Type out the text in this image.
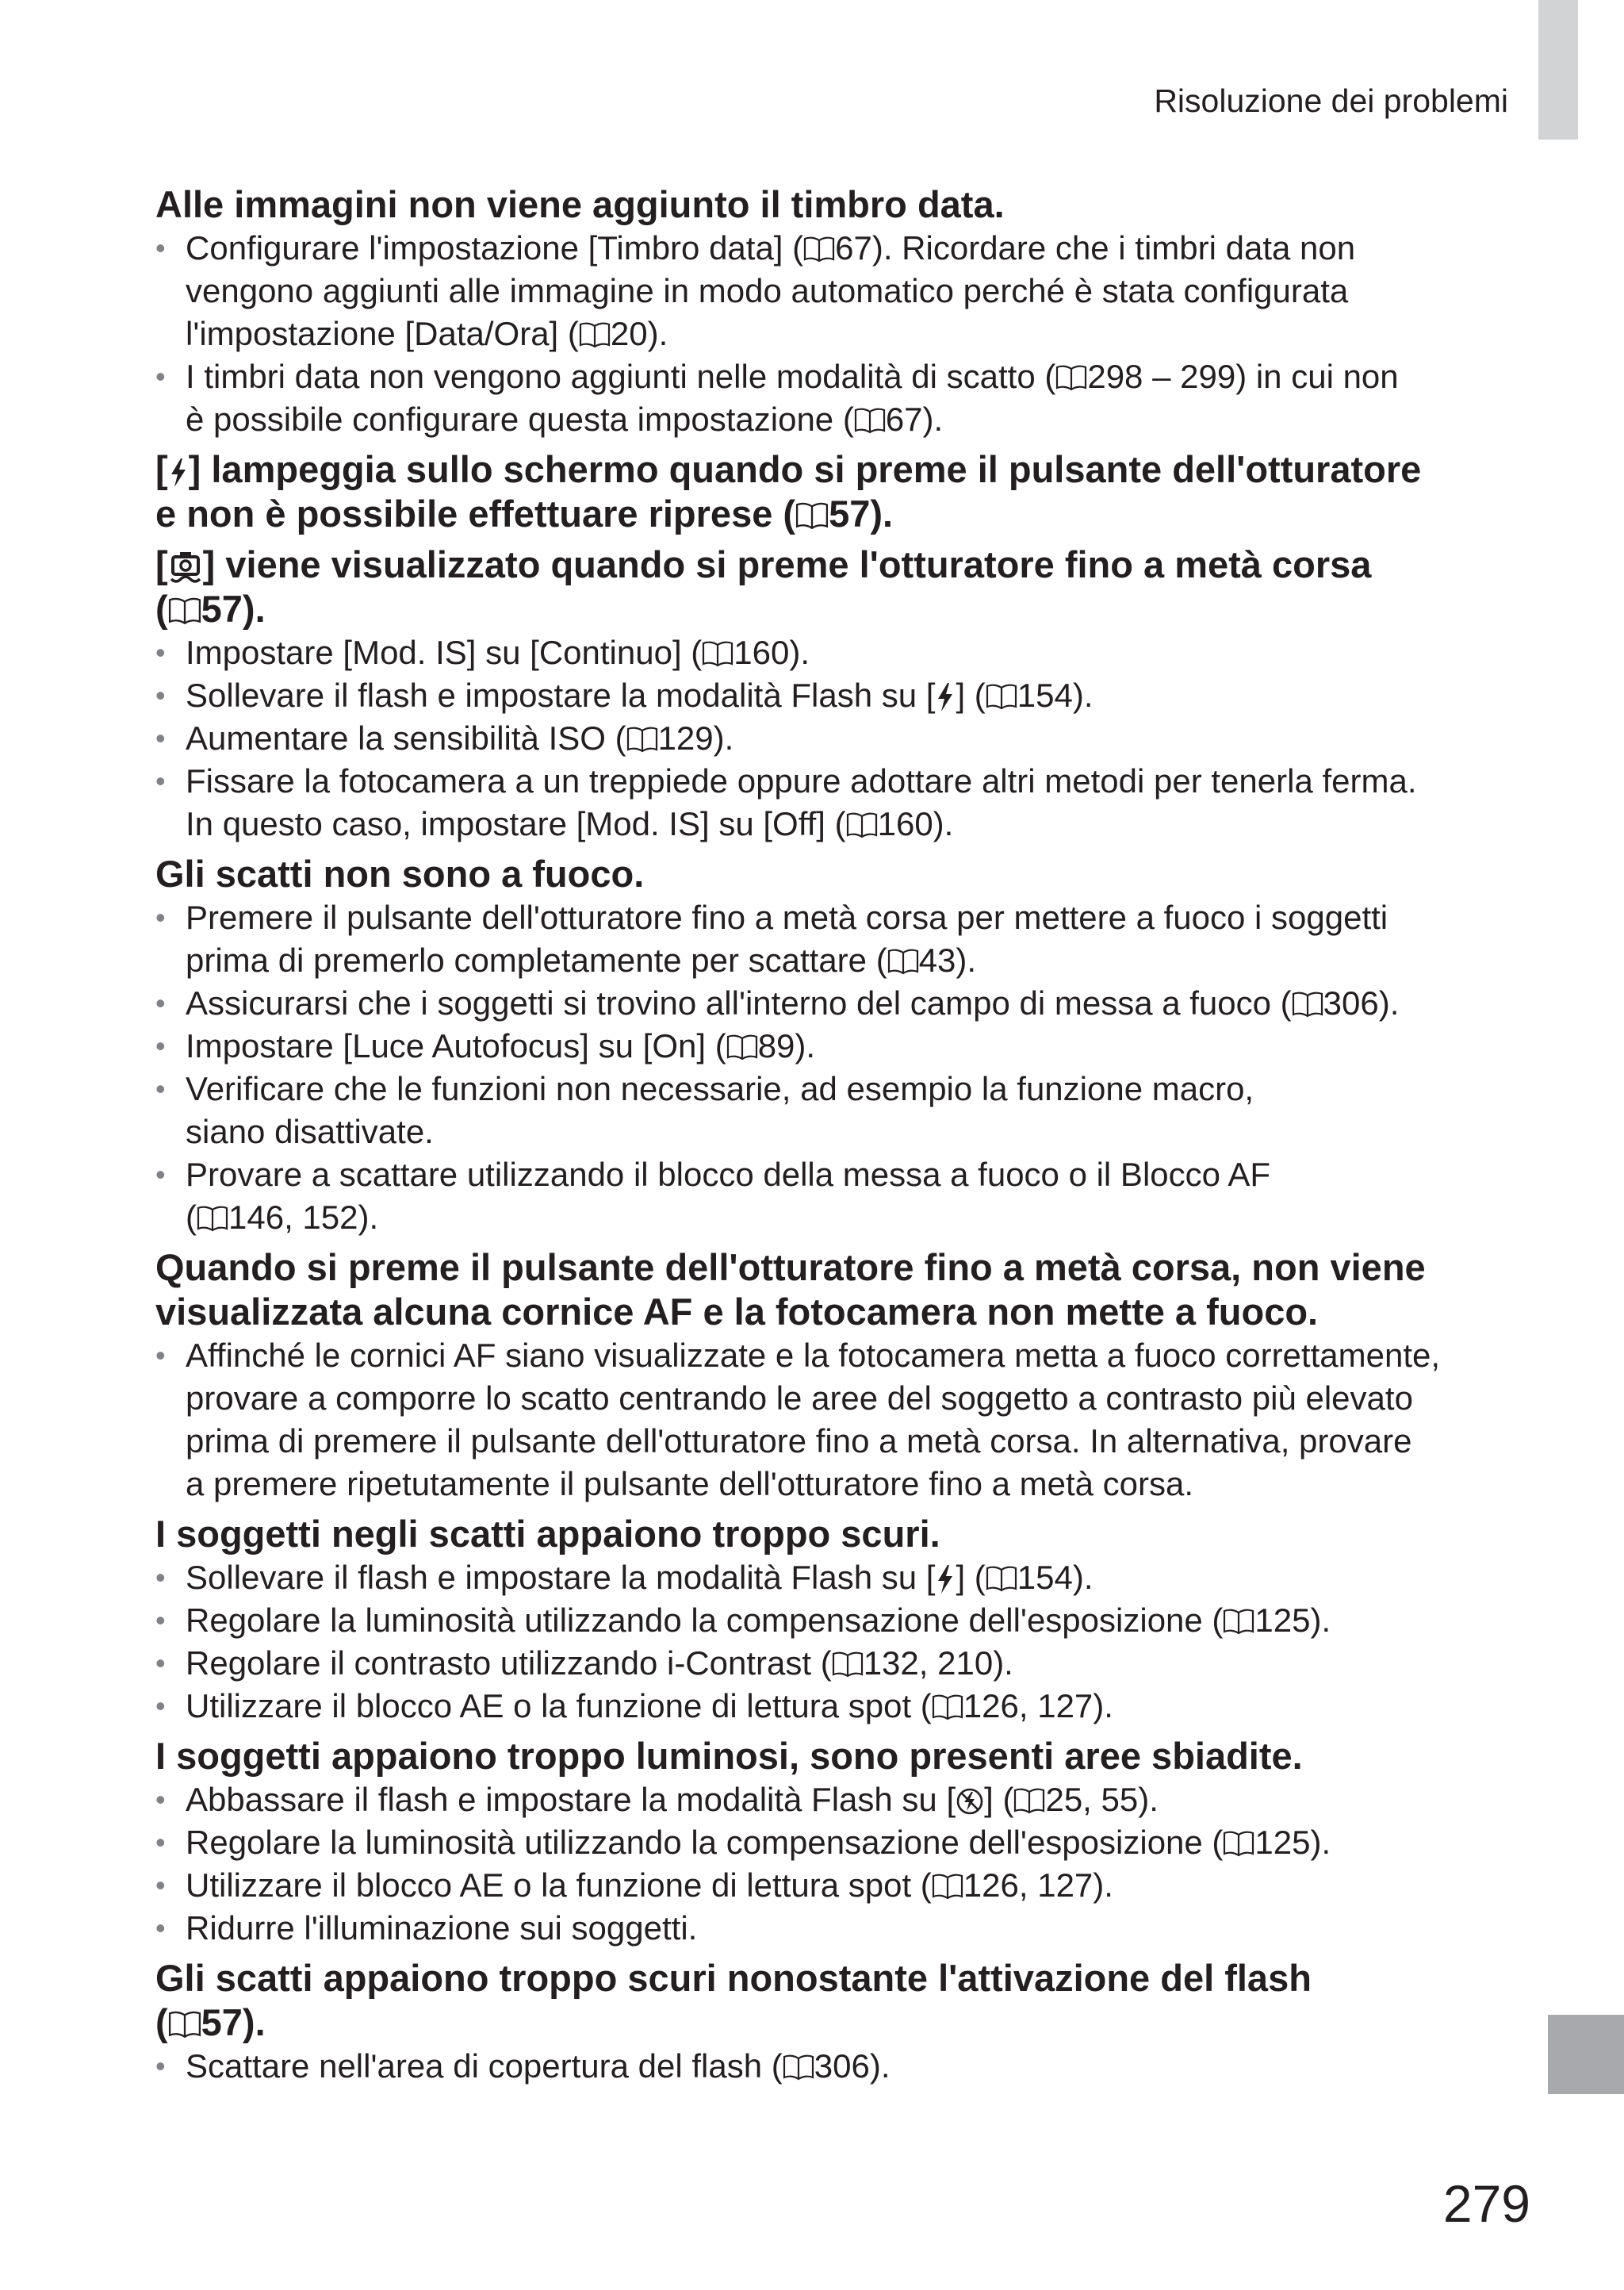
Risoluzione dei problemi
Alle immagini non viene aggiunto il timbro data.
• Configurare l'impostazione [Timbro data] ( 67). Ricordare che i timbri data non
vengono aggiunti alle immagine in modo automatico perché è stata configurata
l'impostazione [Data/Ora] ( 20).
• I timbri data non vengono aggiunti nelle modalità di scatto ( 298 – 299) in cui non
è possibile configurare questa impostazione ( 67).
[ ] lampeggia sullo schermo quando si preme il pulsante dell'otturatore
e non è possibile effettuare riprese ( 57).
[ ] viene visualizzato quando si preme l'otturatore fino a metà corsa
( 57).
• Impostare [Mod. IS] su [Continuo] ( 160).
• Sollevare il flash e impostare la modalità Flash su [ ] ( 154).
• Aumentare la sensibilità ISO ( 129).
• Fissare la fotocamera a un treppiede oppure adottare altri metodi per tenerla ferma.
In questo caso, impostare [Mod. IS] su [Off] ( 160).
Gli scatti non sono a fuoco.
• Premere il pulsante dell'otturatore fino a metà corsa per mettere a fuoco i soggetti
prima di premerlo completamente per scattare ( 43).
• Assicurarsi che i soggetti si trovino all'interno del campo di messa a fuoco ( 306).
• Impostare [Luce Autofocus] su [On] ( 89).
• Verificare che le funzioni non necessarie, ad esempio la funzione macro,
siano disattivate.
• Provare a scattare utilizzando il blocco della messa a fuoco o il Blocco AF
( 146, 152).
Quando si preme il pulsante dell'otturatore fino a metà corsa, non viene
visualizzata alcuna cornice AF e la fotocamera non mette a fuoco.
• Affinché le cornici AF siano visualizzate e la fotocamera metta a fuoco correttamente,
provare a comporre lo scatto centrando le aree del soggetto a contrasto più elevato
prima di premere il pulsante dell'otturatore fino a metà corsa. In alternativa, provare
a premere ripetutamente il pulsante dell'otturatore fino a metà corsa.
I soggetti negli scatti appaiono troppo scuri.
• Sollevare il flash e impostare la modalità Flash su [ ] ( 154).
• Regolare la luminosità utilizzando la compensazione dell'esposizione ( 125).
• Regolare il contrasto utilizzando i-Contrast ( 132, 210).
• Utilizzare il blocco AE o la funzione di lettura spot ( 126, 127).
I soggetti appaiono troppo luminosi, sono presenti aree sbiadite.
• Abbassare il flash e impostare la modalità Flash su [ ] ( 25, 55).
• Regolare la luminosità utilizzando la compensazione dell'esposizione ( 125).
• Utilizzare il blocco AE o la funzione di lettura spot ( 126, 127).
• Ridurre l'illuminazione sui soggetti.
Gli scatti appaiono troppo scuri nonostante l'attivazione del flash
( 57).
• Scattare nell'area di copertura del flash ( 306).
279
